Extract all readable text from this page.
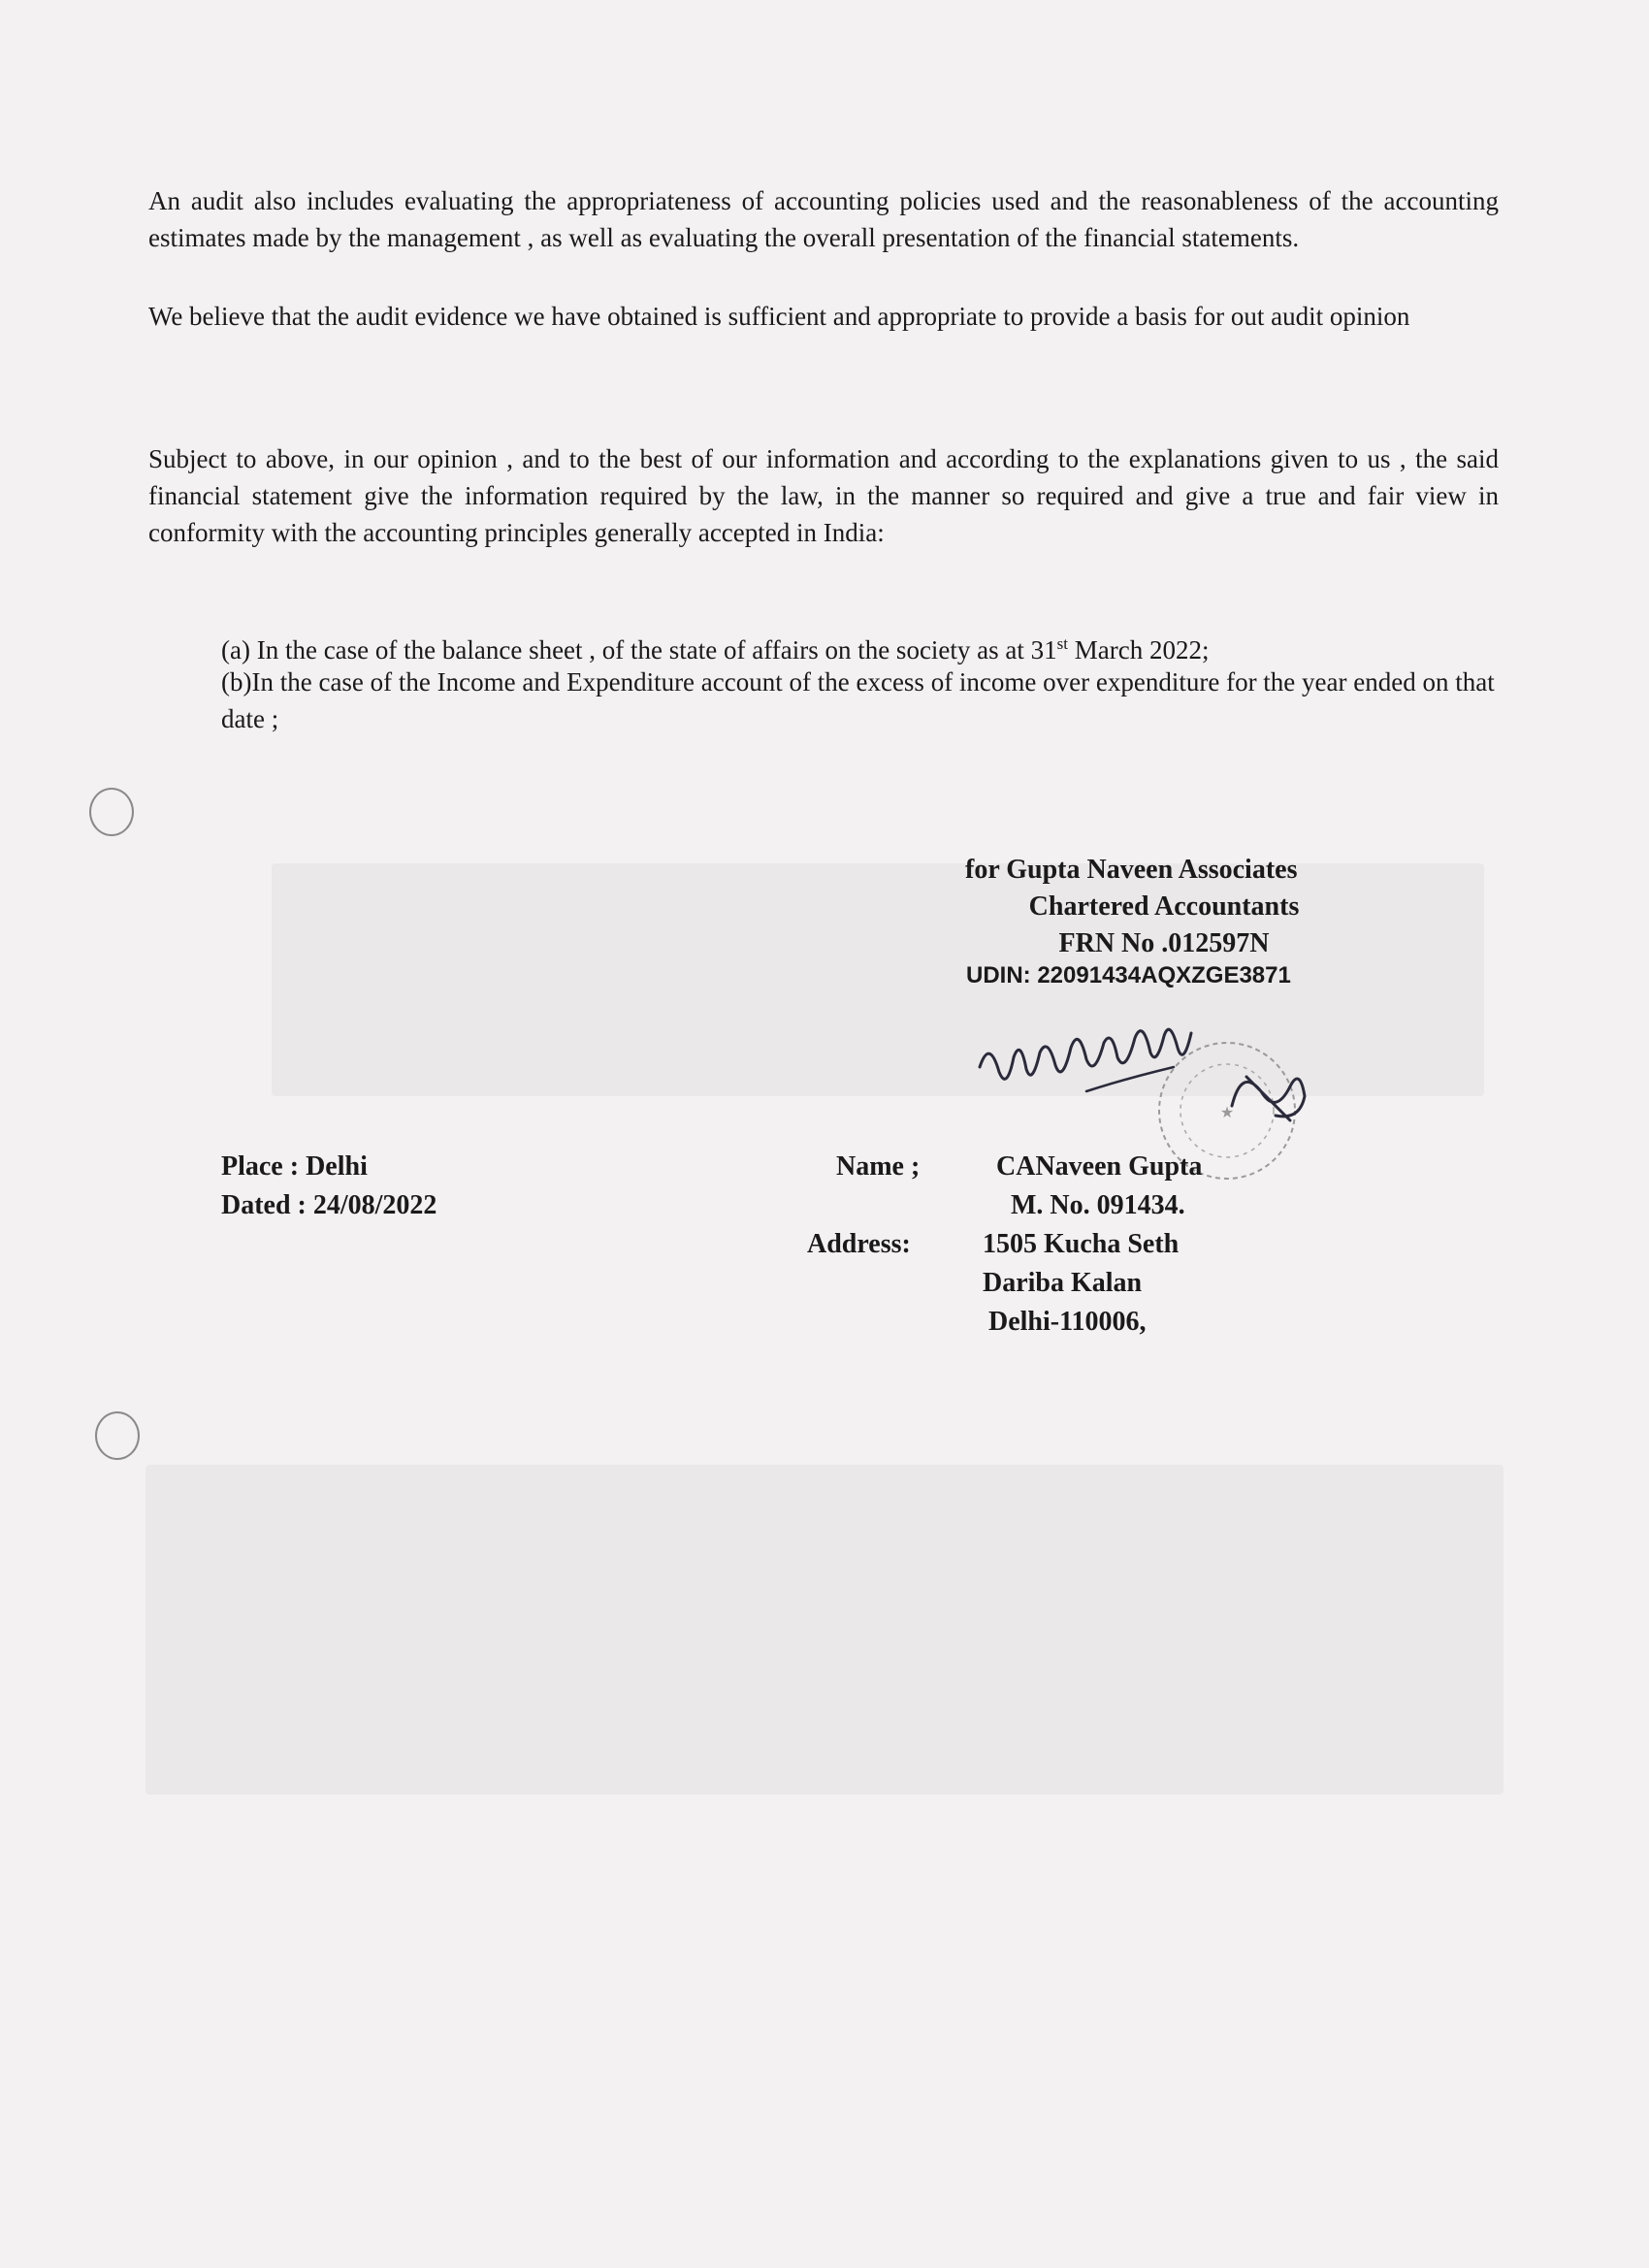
An audit also includes evaluating the appropriateness of accounting policies used and the reasonableness of the accounting estimates made by the management , as well as evaluating the overall presentation of the financial statements.

We believe that the audit evidence we have obtained is sufficient and appropriate to provide a basis for out audit opinion

Subject to above, in our opinion , and to the best of our information and according to the explanations given to us , the said financial statement give the information required by the law, in the manner so required and give a true and fair view in conformity with the accounting principles generally accepted in India:

(a) In the case of the balance sheet , of the state of affairs on the society as at 31st March 2022;

(b)In the case of the Income and Expenditure account of the excess of income over expenditure for the year ended on that date ;

for Gupta Naveen Associates
Chartered Accountants
FRN No .012597N
UDIN: 22091434AQXZGE3871
★
Place : Delhi
Dated : 24/08/2022
Name ;	CANaveen Gupta
M. No. 091434.
Address:	1505 Kucha Seth
Dariba Kalan
Delhi-110006,
